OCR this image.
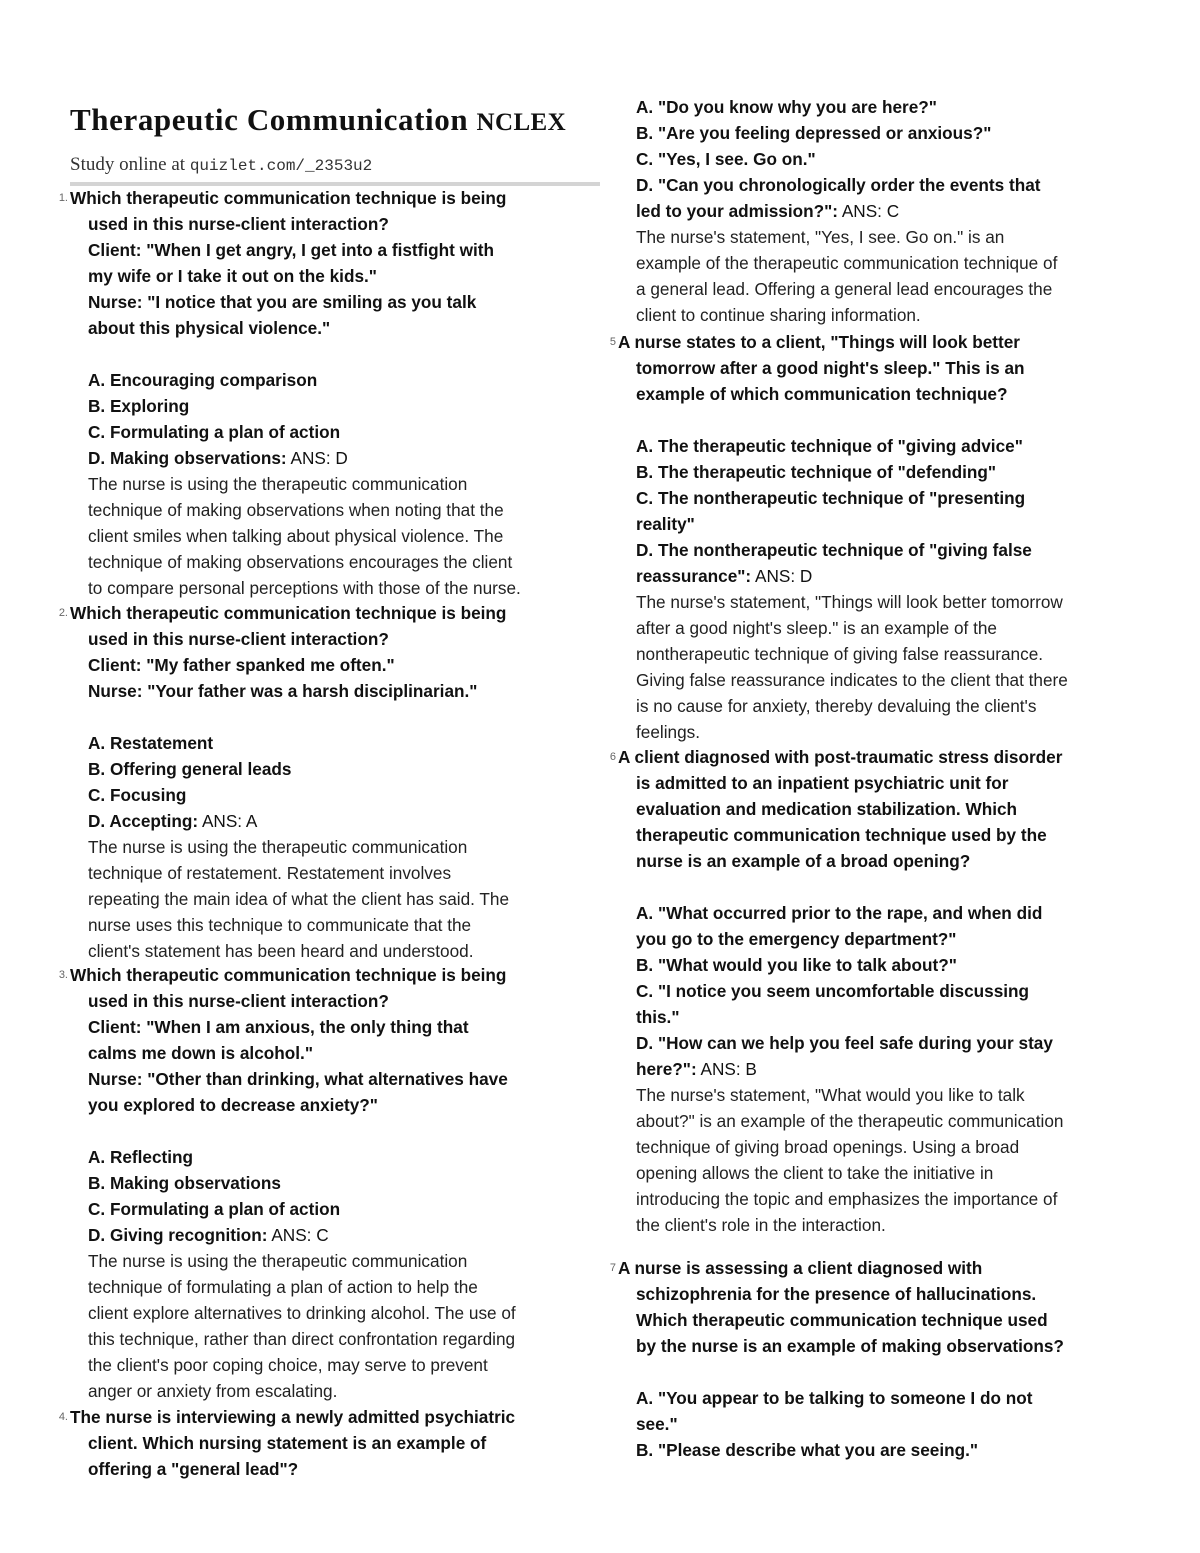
Therapeutic Communication NCLEX
Study online at quizlet.com/_2353u2
1. Which therapeutic communication technique is being
used in this nurse-client interaction?
Client: "When I get angry, I get into a fistfight with
my wife or I take it out on the kids."
Nurse: "I notice that you are smiling as you talk
about this physical violence."
A. Encouraging comparison
B. Exploring
C. Formulating a plan of action
D. Making observations: ANS: D
The nurse is using the therapeutic communication
technique of making observations when noting that the
client smiles when talking about physical violence. The
technique of making observations encourages the client
to compare personal perceptions with those of the nurse.
2. Which therapeutic communication technique is being
used in this nurse-client interaction?
Client: "My father spanked me often."
Nurse: "Your father was a harsh disciplinarian."
A. Restatement
B. Offering general leads
C. Focusing
D. Accepting: ANS: A
The nurse is using the therapeutic communication
technique of restatement. Restatement involves
repeating the main idea of what the client has said. The
nurse uses this technique to communicate that the
client's statement has been heard and understood.
3. Which therapeutic communication technique is being
used in this nurse-client interaction?
Client: "When I am anxious, the only thing that
calms me down is alcohol."
Nurse: "Other than drinking, what alternatives have
you explored to decrease anxiety?"
A. Reflecting
B. Making observations
C. Formulating a plan of action
D. Giving recognition: ANS: C
The nurse is using the therapeutic communication
technique of formulating a plan of action to help the
client explore alternatives to drinking alcohol. The use of
this technique, rather than direct confrontation regarding
the client's poor coping choice, may serve to prevent
anger or anxiety from escalating.
4. The nurse is interviewing a newly admitted psychiatric
client. Which nursing statement is an example of
offering a "general lead"?
A. "Do you know why you are here?"
B. "Are you feeling depressed or anxious?"
C. "Yes, I see. Go on."
D. "Can you chronologically order the events that
led to your admission?": ANS: C
The nurse's statement, "Yes, I see. Go on." is an
example of the therapeutic communication technique of
a general lead. Offering a general lead encourages the
client to continue sharing information.
5 A nurse states to a client, "Things will look better
tomorrow after a good night's sleep." This is an
example of which communication technique?
A. The therapeutic technique of "giving advice"
B. The therapeutic technique of "defending"
C. The nontherapeutic technique of "presenting
reality"
D. The nontherapeutic technique of "giving false
reassurance": ANS: D
The nurse's statement, "Things will look better tomorrow
after a good night's sleep." is an example of the
nontherapeutic technique of giving false reassurance.
Giving false reassurance indicates to the client that there
is no cause for anxiety, thereby devaluing the client's
feelings.
6 A client diagnosed with post-traumatic stress disorder
is admitted to an inpatient psychiatric unit for
evaluation and medication stabilization. Which
therapeutic communication technique used by the
nurse is an example of a broad opening?
A. "What occurred prior to the rape, and when did
you go to the emergency department?"
B. "What would you like to talk about?"
C. "I notice you seem uncomfortable discussing
this."
D. "How can we help you feel safe during your stay
here?": ANS: B
The nurse's statement, "What would you like to talk
about?" is an example of the therapeutic communication
technique of giving broad openings. Using a broad
opening allows the client to take the initiative in
introducing the topic and emphasizes the importance of
the client's role in the interaction.
7 A nurse is assessing a client diagnosed with
schizophrenia for the presence of hallucinations.
Which therapeutic communication technique used
by the nurse is an example of making observations?
A. "You appear to be talking to someone I do not
see."
B. "Please describe what you are seeing."
